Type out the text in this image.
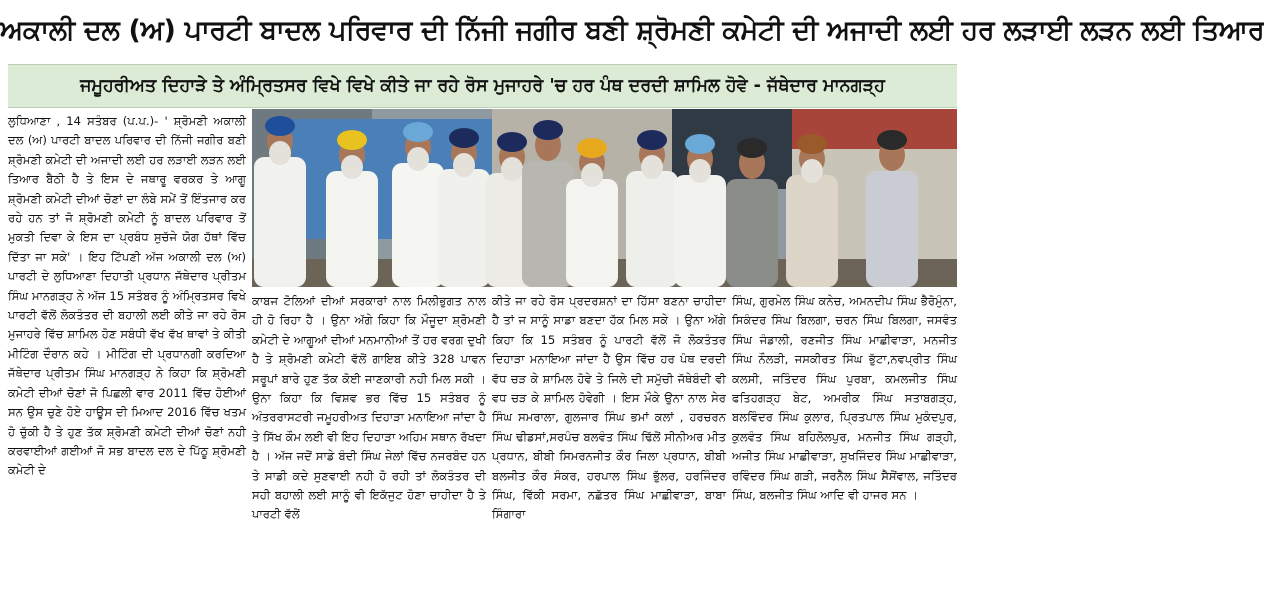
ਅਕਾਲੀ ਦਲ (ਅ) ਪਾਰਟੀ ਬਾਦਲ ਪਰਿਵਾਰ ਦੀ ਨਿੱਜੀ ਜਗੀਰ ਬਣੀ ਸ਼੍ਰੋਮਣੀ ਕਮੇਟੀ ਦੀ ਅਜਾਦੀ ਲਈ ਹਰ ਲੜਾਈ ਲੜਨ ਲਈ ਤਿਆਰ
ਜਮੂਹਰੀਅਤ ਦਿਹਾੜੇ ਤੇ ਅੰਮ੍ਰਿਤਸਰ ਵਿਖੇ ਵਿਖੇ ਕੀਤੇ ਜਾ ਰਹੇ ਰੋਸ ਮੁਜਾਹਰੇ 'ਚ ਹਰ ਪੰਥ ਦਰਦੀ ਸ਼ਾਮਿਲ ਹੋਵੇ - ਜੱਥੇਦਾਰ ਮਾਨਗੜ੍ਹ

ਲੁਧਿਆਣਾ , 14 ਸਤੰਬਰ (ਪ.ਪ.)- ' ਸ਼੍ਰੋਮਣੀ ਅਕਾਲੀ ਦਲ (ਅ) ਪਾਰਟੀ ਬਾਦਲ ਪਰਿਵਾਰ ਦੀ ਨਿੱਜੀ ਜਗੀਰ ਬਣੀ ਸ਼੍ਰੋਮਣੀ ਕਮੇਟੀ ਦੀ ਅਜਾਦੀ ਲਈ ਹਰ ਲੜਾਈ ਲੜਨ ਲਈ ਤਿਆਰ ਬੈਠੀ ਹੈ ਤੇ ਇਸ ਦੇ ਜਥਾਰੂ ਵਰਕਰ ਤੇ ਆਗੂ ਸ਼੍ਰੋਮਣੀ ਕਮੇਟੀ ਦੀਆਂ ਚੋਣਾਂ ਦਾ ਲੰਬੇ ਸਮੇਂ ਤੋਂ ਇੰਤਜਾਰ ਕਰ ਰਹੇ ਹਨ ਤਾਂ ਜੋ ਸ਼੍ਰੋਮਣੀ ਕਮੇਟੀ ਨੂੰ ਬਾਦਲ ਪਰਿਵਾਰ ਤੋਂ ਮੁਕਤੀ ਦਿਵਾ ਕੇ ਇਸ ਦਾ ਪ੍ਰਬੰਧ ਸੁਚੱਜੇ ਯੋਗ ਹੱਥਾਂ ਵਿੱਚ ਦਿੱਤਾ ਜਾ ਸਕੇ' । ਇਹ ਟਿੱਪਣੀ ਅੱਜ ਅਕਾਲੀ ਦਲ (ਅ) ਪਾਰਟੀ ਦੇ ਲੁਧਿਆਣਾ ਦਿਹਾਤੀ ਪ੍ਰਧਾਨ ਜੱਥੇਦਾਰ ਪ੍ਰੀਤਮ ਸਿੰਘ ਮਾਨਗੜ੍ਹ ਨੇ ਅੱਜ 15 ਸਤੰਬਰ ਨੂੰ ਅੰਮ੍ਰਿਤਸਰ ਵਿਖੇ ਪਾਰਟੀ ਵੱਲੋਂ ਲੋਕਤੰਤਰ ਦੀ ਬਹਾਲੀ ਲਈ ਕੀਤੇ ਜਾ ਰਹੇ ਰੋਸ ਮੁਜਾਹਰੇ ਵਿੱਚ ਸ਼ਾਮਿਲ ਹੋਣ ਸਬੰਧੀ ਵੱਖ ਵੱਖ ਥਾਵਾਂ ਤੇ ਕੀਤੀ ਮੀਟਿੰਗ ਦੌਰਾਨ ਕਹੇ । ਮੀਟਿੰਗ ਦੀ ਪ੍ਰਧਾਨਗੀ ਕਰਦਿਆ ਜੱਥੇਦਾਰ ਪ੍ਰੀਤਮ ਸਿੰਘ ਮਾਨਗੜ੍ਹ ਨੇ ਕਿਹਾ ਕਿ ਸ਼੍ਰੋਮਣੀ ਕਮੇਟੀ ਦੀਆਂ ਚੋਣਾਂ ਜੋ ਪਿਛਲੀ ਵਾਰ 2011 ਵਿੱਚ ਹੋਈਆਂ ਸਨ ਉਸ ਚੁਣੇ ਹੋਏ ਹਾਊਸ ਦੀ ਮਿਆਦ 2016 ਵਿੱਚ ਖਤਮ ਹੋ ਚੁੱਕੀ ਹੈ ਤੇ ਹੁਣ ਤੱਕ ਸ਼੍ਰੋਮਣੀ ਕਮੇਟੀ ਦੀਆਂ ਚੋਣਾਂ ਨਹੀ ਕਰਵਾਈਆਂ ਗਈਆਂ ਜੋ ਸਭ ਬਾਦਲ ਦਲ ਦੇ ਪਿੱਠੂ ਸ਼੍ਰੋਮਣੀ ਕਮੇਟੀ ਦੇ

ਕਾਬਜ ਟੋਲਿਆਂ ਦੀਆਂ ਸਰਕਾਰਾਂ ਨਾਲ ਮਿਲੀਭੁਗਤ ਨਾਲ ਹੀ ਹੋ ਰਿਹਾ ਹੈ । ਉਨਾ ਅੱਗੇ ਕਿਹਾ ਕਿ ਮੌਜੂਦਾ ਸ਼੍ਰੋਮਣੀ ਕਮੇਟੀ ਦੇ ਆਗੂਆਂ ਦੀਆਂ ਮਨਮਾਨੀਆਂ ਤੋਂ ਹਰ ਵਰਗ ਦੁਖੀ ਹੈ ਤੇ ਸ਼੍ਰੋਮਣੀ ਕਮੇਟੀ ਵੱਲੋਂ ਗਾਇਬ ਕੀਤੇ 328 ਪਾਵਨ ਸਰੂਪਾਂ ਬਾਰੇ ਹੁਣ ਤੱਕ ਕੋਈ ਜਾਣਕਾਰੀ ਨਹੀ ਮਿਲ ਸਕੀ । ਉਨਾ ਕਿਹਾ ਕਿ ਵਿਸ਼ਵ ਭਰ ਵਿੱਚ 15 ਸਤੰਬਰ ਨੂੰ ਅੰਤਰਰਾਸਟਰੀ ਜਮੂਹਰੀਅਤ ਦਿਹਾੜਾ ਮਨਾਇਆ ਜਾਂਦਾ ਹੈ ਤੇ ਸਿੱਖ ਕੌਮ ਲਈ ਵੀ ਇਹ ਦਿਹਾੜਾ ਅਹਿਮ ਸਥਾਨ ਰੱਖਦਾ ਹੈ । ਅੱਜ ਜਦੋਂ ਸਾਡੇ ਬੰਦੀ ਸਿੰਘ ਜੇਲਾਂ ਵਿੱਚ ਨਜਰਬੰਦ ਹਨ ਤੇ ਸਾਡੀ ਕਦੇ ਸੁਣਵਾਈ ਨਹੀ ਹੋ ਰਹੀ ਤਾਂ ਲੋਕਤੰਤਰ ਦੀ ਸਹੀ ਬਹਾਲੀ ਲਈ ਸਾਨੂੰ ਵੀ ਇਕੱਜੁਟ ਹੋਣਾ ਚਾਹੀਦਾ ਹੈ ਤੇ ਪਾਰਟੀ ਵੱਲੋਂ

ਕੀਤੇ ਜਾ ਰਹੇ ਰੋਸ ਪ੍ਰਦਰਸ਼ਨਾਂ ਦਾ ਹਿੱਸਾ ਬਣਨਾ ਚਾਹੀਦਾ ਹੈ ਤਾਂ ਜ ਸਾਨੂੰ ਸਾਡਾ ਬਣਦਾ ਹੱਕ ਮਿਲ ਸਕੇ । ਉਨਾ ਅੱਗੇ ਕਿਹਾ ਕਿ 15 ਸਤੰਬਰ ਨੂੰ ਪਾਰਟੀ ਵੱਲੋਂ ਜੋ ਲੋਕਤੰਤਰ ਦਿਹਾੜਾ ਮਨਾਇਆ ਜਾਂਦਾ ਹੈ ਉਸ ਵਿੱਚ ਹਰ ਪੰਥ ਦਰਦੀ ਵੱਧ ਚੜ ਕੇ ਸ਼ਾਮਿਲ ਹੋਵੇ ਤੇ ਜਿਲੇ ਦੀ ਸਮੁੱਚੀ ਜੱਥੇਬੰਦੀ ਵੀ ਵਧ ਚੜ ਕੇ ਸ਼ਾਮਿਲ ਹੋਵੇਗੀ । ਇਸ ਮੌਕੇ ਉਨਾ ਨਾਲ ਸੇਰ ਸਿੰਘ ਸਮਰਾਲਾ, ਗੁਲਜਾਰ ਸਿੰਘ ਭਮਾਂ ਕਲਾਂ , ਹਰਚਰਨ ਸਿੰਘ ਢੀਡਸਾਂ,ਸਰਪੰਚ ਬਲਵੰਤ ਸਿੰਘ ਢਿੱਲੋਂ ਸੀਨੀਅਰ ਮੀਤ ਪ੍ਰਧਾਨ, ਬੀਬੀ ਸਿਮਰਨਜੀਤ ਕੌਰ ਜਿਲਾ ਪ੍ਰਧਾਨ, ਬੀਬੀ ਬਲਜੀਤ ਕੌਰ ਸੰਕਰ, ਹਰਪਾਲ ਸਿੰਘ ਭੁੱਲਰ, ਹਰਜਿੰਦਰ ਸਿੰਘ, ਵਿੱਕੀ ਸਰਮਾ, ਨਛੱਤਰ ਸਿੰਘ ਮਾਛੀਵਾੜਾ, ਬਾਬਾ ਸਿੰਗਾਰਾ

ਸਿੰਘ, ਗੁਰਮੇਲ ਸਿੰਘ ਕਨੇਚ, ਅਮਨਦੀਪ ਸਿੰਘ ਭੈਰੋਮੁੰਨਾ, ਸਿਕੰਦਰ ਸਿੰਘ ਬਿਲਗਾ, ਚਰਨ ਸਿੰਘ ਬਿਲਗਾ, ਜਸਵੰਤ ਸਿੰਘ ਜੰਡਾਲੀ, ਰਣਜੀਤ ਸਿੰਘ ਮਾਛੀਵਾੜਾ, ਮਨਜੀਤ ਸਿੰਘ ਨੌਲੜੀ, ਜਸਕੀਰਤ ਸਿੰਘ ਭੁੱਟਾ,ਨਵਪ੍ਰੀਤ ਸਿੰਘ ਕਲਸੀ, ਜਤਿੰਦਰ ਸਿੰਘ ਪੁਰਬਾ, ਕਮਲਜੀਤ ਸਿੰਘ ਫਤਿਹਗੜ੍ਹ ਬੇਟ, ਅਮਰੀਕ ਸਿੰਘ ਸਤਾਬਗੜ੍ਹ, ਬਲਵਿੰਦਰ ਸਿੰਘ ਕੁਲਾਰ, ਪ੍ਰਿਤਪਾਲ ਸਿੰਘ ਮੁਕੰਦਪੁਰ, ਕੁਲਵੰਤ ਸਿੰਘ ਬਹਿਲੋਲਪੁਰ, ਮਨਜੀਤ ਸਿੰਘ ਗੜ੍ਹੀ, ਅਜੀਤ ਸਿੰਘ ਮਾਛੀਵਾੜਾ, ਸੁਖਜਿੰਦਰ ਸਿੰਘ ਮਾਛੀਵਾੜਾ, ਰਵਿੰਦਰ ਸਿੰਘ ਗੜੀ, ਜਰਨੈਲ ਸਿੰਘ ਸੈਸੋਂਵਾਲ, ਜਤਿੰਦਰ ਸਿੰਘ, ਬਲਜੀਤ ਸਿੰਘ ਆਦਿ ਵੀ ਹਾਜਰ ਸਨ ।
